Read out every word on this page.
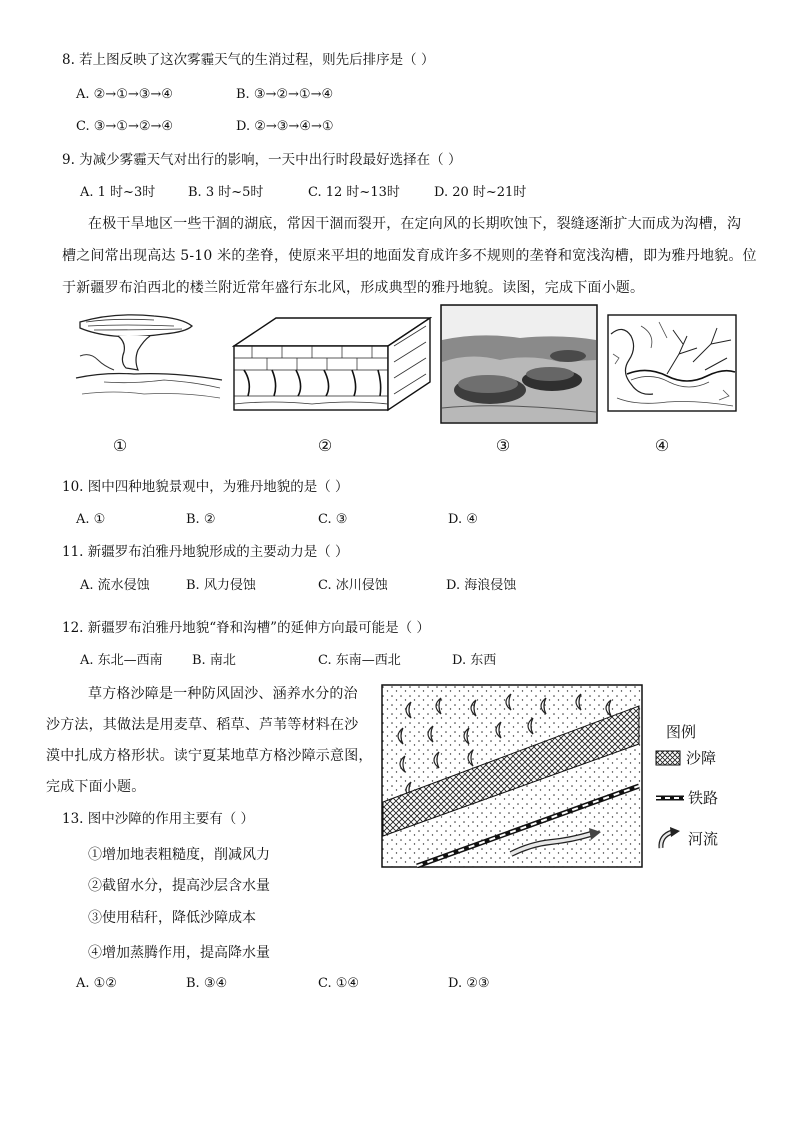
8. 若上图反映了这次雾霾天气的生消过程，则先后排序是（ ）
A. ②→①→③→④	B. ③→②→①→④
C. ③→①→②→④	D. ②→③→④→①
9. 为减少雾霾天气对出行的影响，一天中出行时段最好选择在（ ）
A. 1 时~3时	B. 3 时~5时	C. 12 时~13时	D. 20 时~21时
在极干旱地区一些干涸的湖底，常因干涸而裂开，在定向风的长期吹蚀下，裂缝逐渐扩大而成为沟槽，沟
槽之间常出现高达 5-10 米的垄脊，使原来平坦的地面发育成许多不规则的垄脊和宽浅沟槽，即为雅丹地貌。位
于新疆罗布泊西北的楼兰附近常年盛行东北风，形成典型的雅丹地貌。读图，完成下面小题。
①	②	③	④
10. 图中四种地貌景观中，为雅丹地貌的是（ ）
A. ①	B. ②	C. ③	D. ④
11. 新疆罗布泊雅丹地貌形成的主要动力是（ ）
A. 流水侵蚀	B. 风力侵蚀	C. 冰川侵蚀	D. 海浪侵蚀
12. 新疆罗布泊雅丹地貌“脊和沟槽”的延伸方向最可能是（ ）
A. 东北—西南 B. 南北	C. 东南—西北	D. 东西
草方格沙障是一种防风固沙、涵养水分的治
沙方法，其做法是用麦草、稻草、芦苇等材料在沙
漠中扎成方格形状。读宁夏某地草方格沙障示意图，
完成下面小题。
图例
沙障
铁路
河流
13. 图中沙障的作用主要有（ ）
①增加地表粗糙度，削减风力
②截留水分，提高沙层含水量
③使用秸秆，降低沙障成本
④增加蒸腾作用，提高降水量
A. ①②	B. ③④	C. ①④	D. ②③
